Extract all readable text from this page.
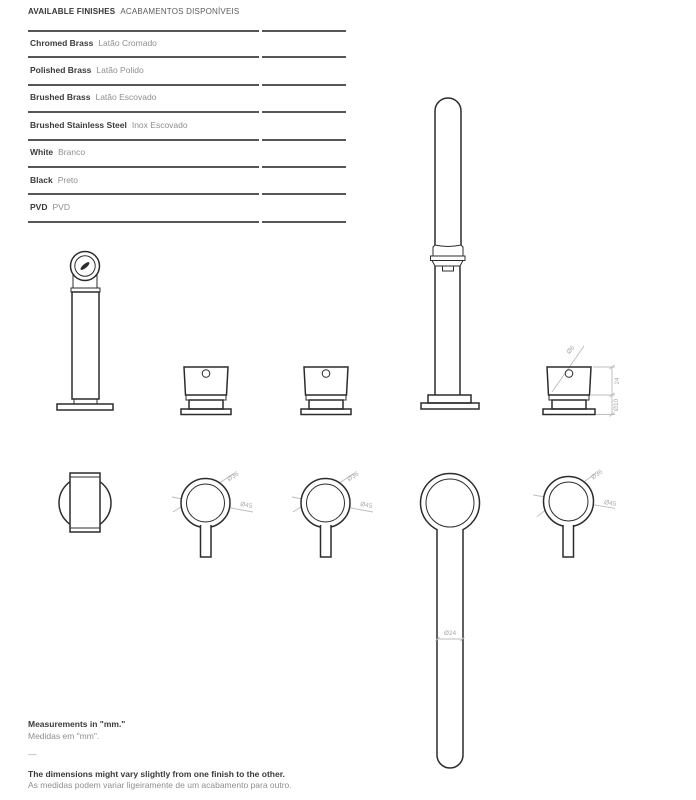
AVAILABLE FINISHES ACABAMENTOS DISPONÍVEIS
Chromed Brass Latão Cromado
Polished Brass Latão Polido
Brushed Brass Latão Escovado
Brushed Stainless Steel Inox Escovado
White Branco
Black Preto
PVD PVD
Ø6
24
Ø10
Ø36
Ø45
Ø36
Ø45
Ø24
Ø36
Ø45
Measurements in "mm."
Medidas em "mm".
—
The dimensions might vary slightly from one finish to the other.
As medidas podem variar ligeiramente de um acabamento para outro.
